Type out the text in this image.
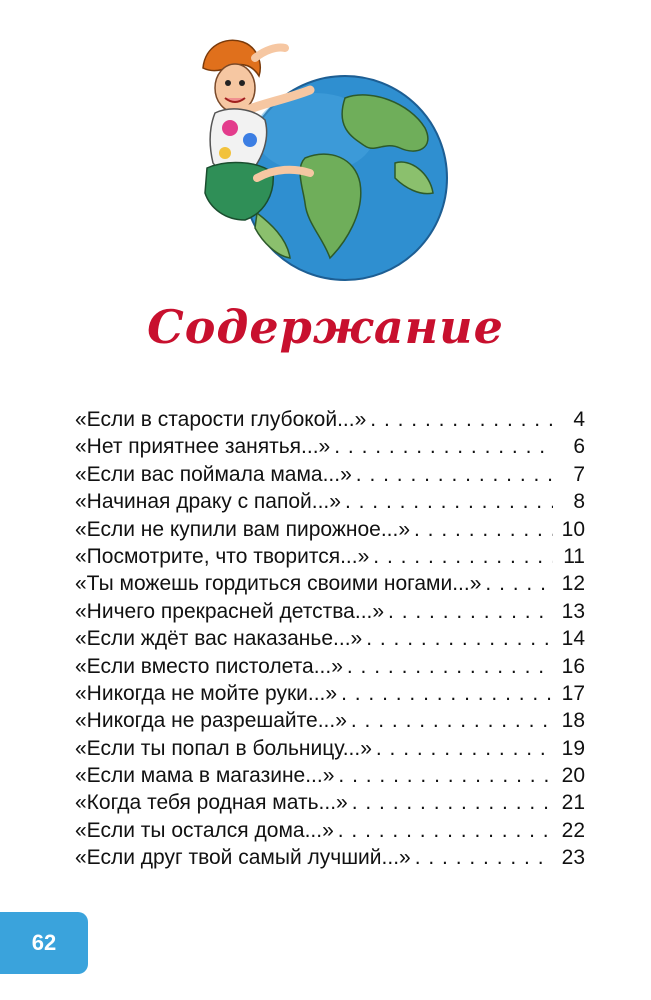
Содержание
«Если в старости глубокой...» . . .	4
«Нет приятнее занятья...» . . .	6
«Если вас поймала мама...» . . .	7
«Начиная драку с папой...» . . .	8
«Если не купили вам пирожное...» . . .	10
«Посмотрите, что творится...» . . .	11
«Ты можешь гордиться своими ногами...» . . .	12
«Ничего прекрасней детства...» . . .	13
«Если ждёт вас наказанье...» . . .	14
«Если вместо пистолета...» . . .	16
«Никогда не мойте руки...» . . .	17
«Никогда не разрешайте...» . . .	18
«Если ты попал в больницу...» . . .	19
«Если мама в магазине...» . . .	20
«Когда тебя родная мать...» . . .	21
«Если ты остался дома...» . . .	22
«Если друг твой самый лучший...» . . .	23
62
